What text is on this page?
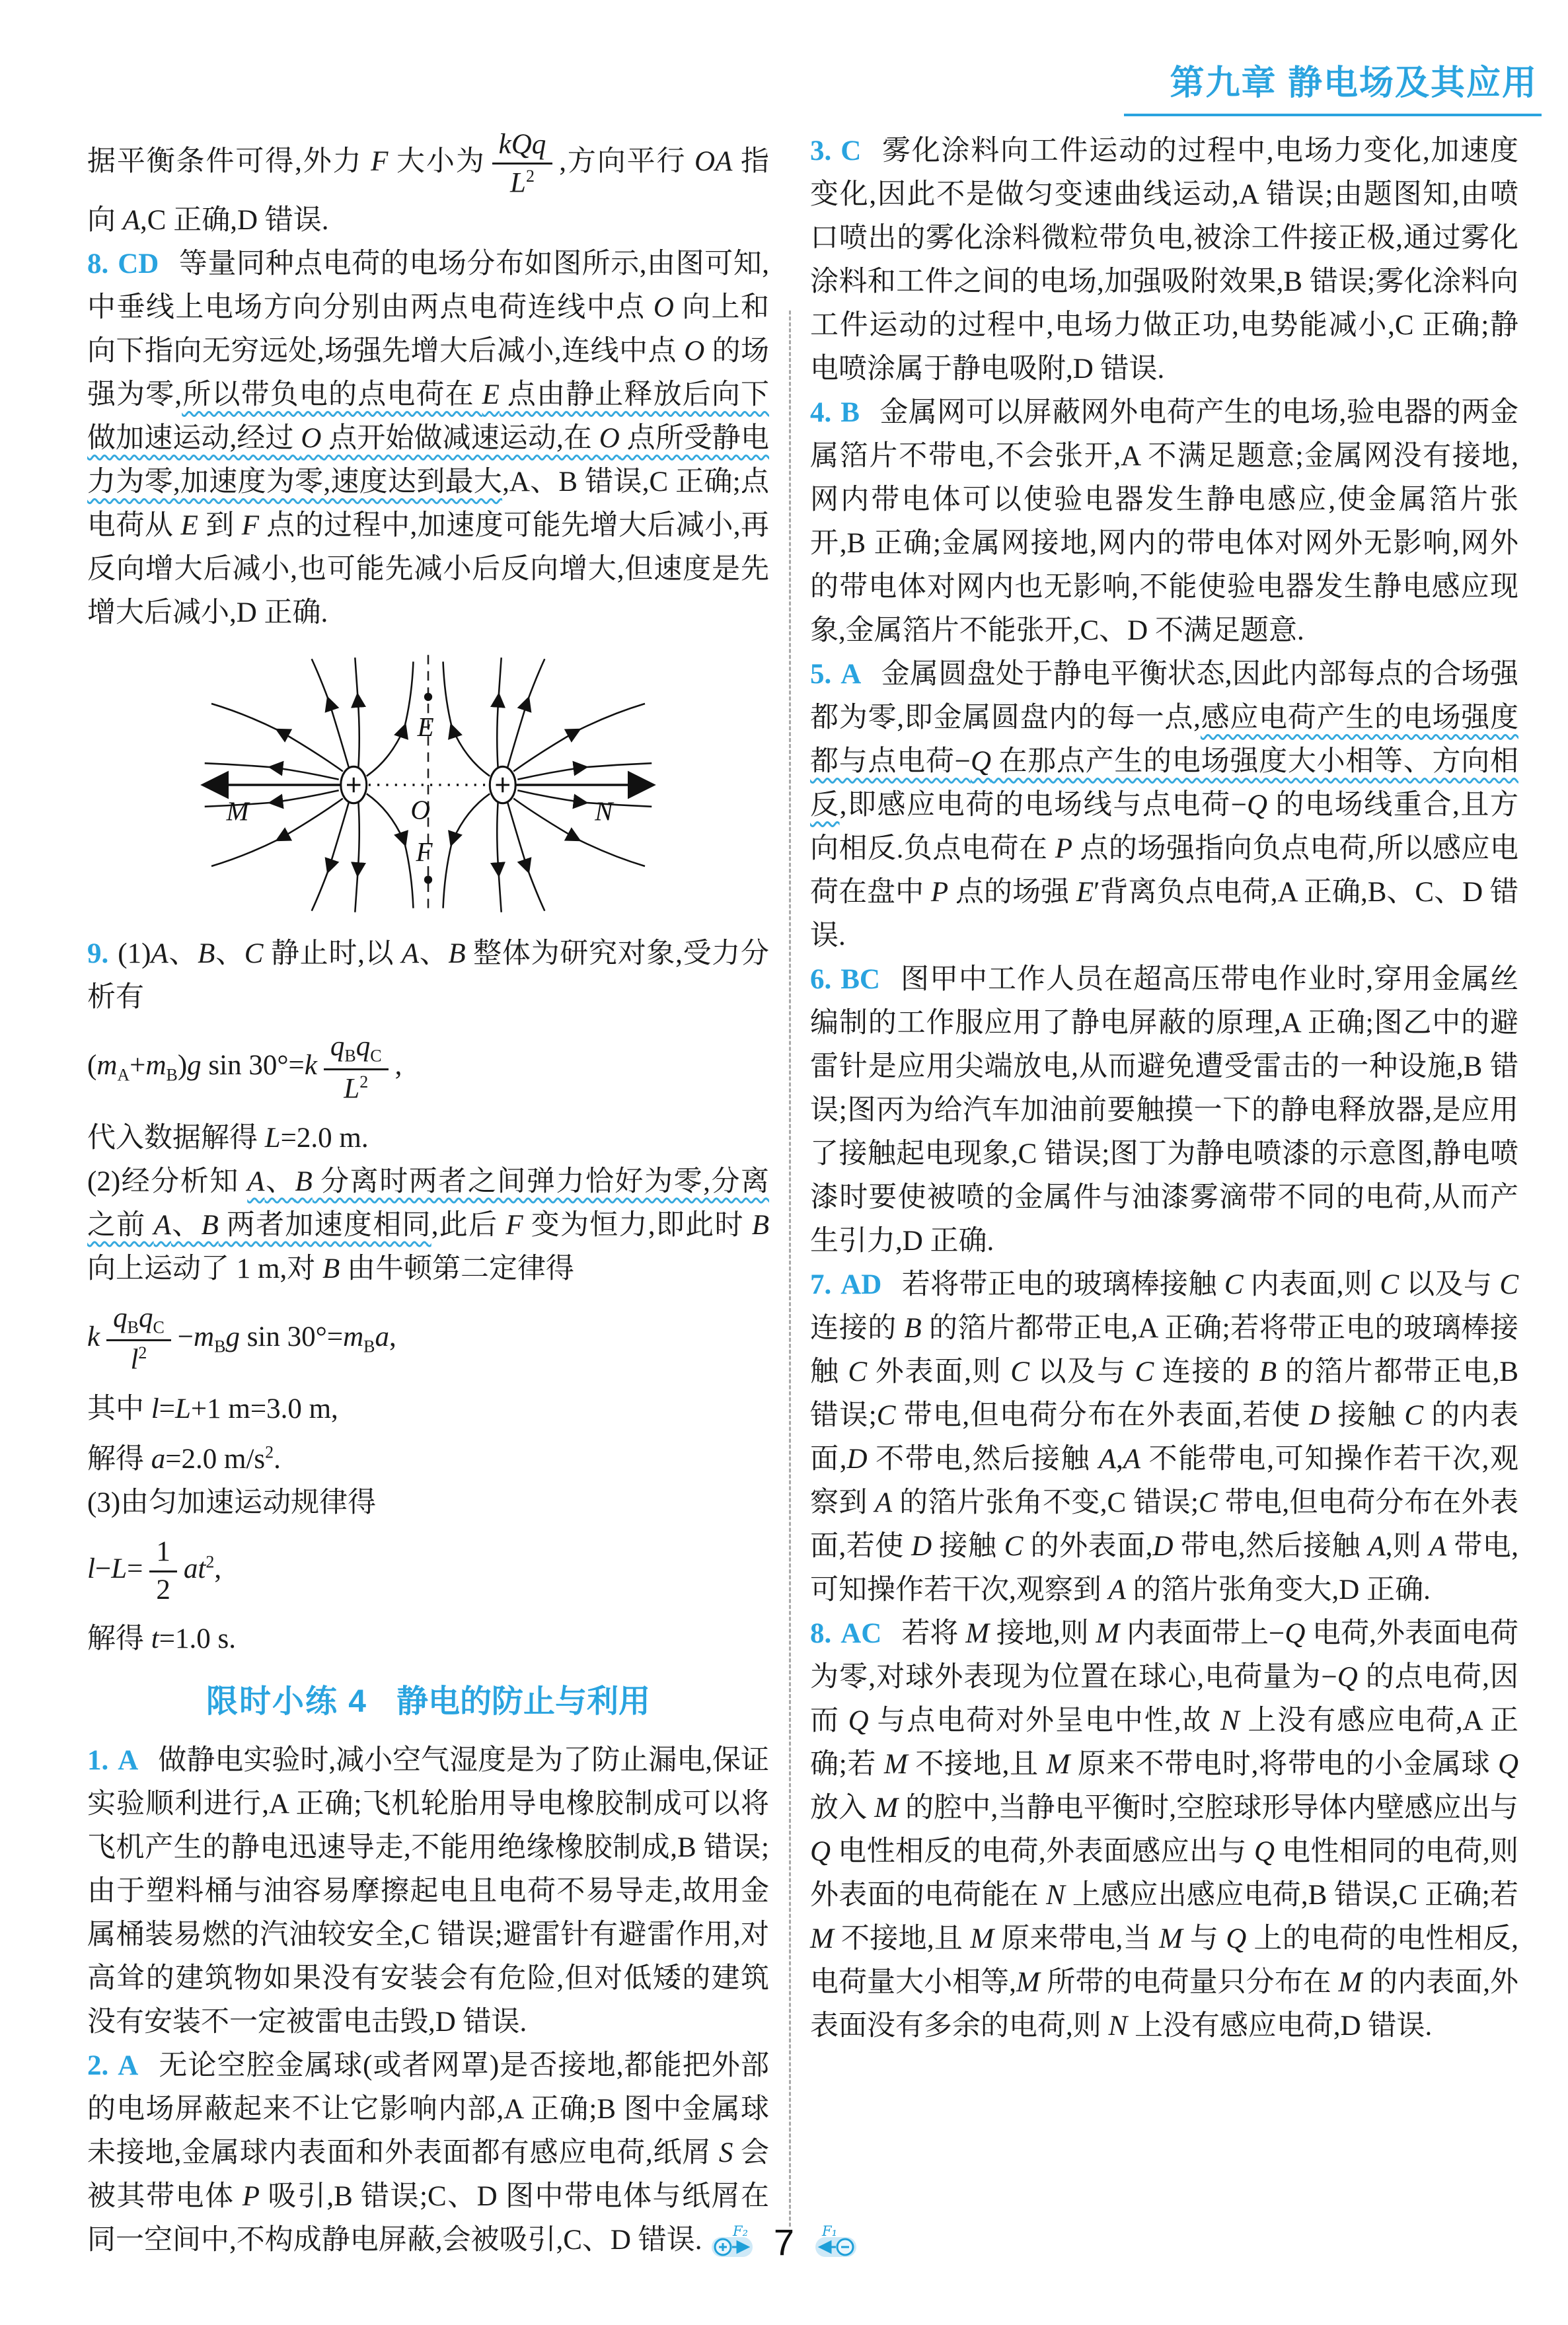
第九章 静电场及其应用

据平衡条件可得,外力 F 大小为 $\frac{\text{kQq}}{L^2}$ ,方向平行 OA 指向 A,C 正确,D 错误.

8. CD 等量同种点电荷的电场分布如图所示,由图可知,中垂线上电场方向分别由两点电荷连线中点 O 向上和向下指向无穷远处,场强先增大后减小,连线中点 O 的场强为零,所以带负电的点电荷在 E 点由静止释放后向下做加速运动,经过 O 点开始做减速运动,在 O 点所受静电力为零,加速度为零,速度达到最大,A、B 错误,C 正确;点电荷从 E 到 F 点的过程中,加速度可能先增大后减小,再反向增大后减小,也可能先减小后反向增大,但速度是先增大后减小,D 正确.

E
O
F
M	N

9. (1)A、B、C 静止时,以 A、B 整体为研究对象,受力分析有
$(m_A+m_B)g$ $\sin 30^\circ=k \frac{q_Bq_C}{L^2}$ ,
代入数据解得 L=2.0 m.
(2)经分析知 A、B 分离时两者之间弹力恰好为零,分离之前 A、B 两者加速度相同,此后 F 变为恒力,即此时 B 向上运动了 1 m,对 B 由牛顿第二定律得
k $\frac{q_Bq_C}{l^2} -m_Bg$ $\sin 30^\circ=m_Ba$,
其中 l=L+1 m=3.0 m,
解得 a=2.0 $m/s^2$.
(3)由匀加速运动规律得
$l-L= \frac{1}{2} at^2$,
解得 t=1.0 s.

限时小练 4 静电的防止与利用

1. A 做静电实验时,减小空气湿度是为了防止漏电,保证实验顺利进行,A 正确;飞机轮胎用导电橡胶制成可以将飞机产生的静电迅速导走,不能用绝缘橡胶制成,B 错误;由于塑料桶与油容易摩擦起电且电荷不易导走,故用金属桶装易燃的汽油较安全,C 错误;避雷针有避雷作用,对高耸的建筑物如果没有安装会有危险,但对低矮的建筑没有安装不一定被雷电击毁,D 错误.

2. A 无论空腔金属球(或者网罩)是否接地,都能把外部的电场屏蔽起来不让它影响内部,A 正确;B 图中金属球未接地,金属球内表面和外表面都有感应电荷,纸屑 S 会被其带电体 P 吸引,B 错误;C、D 图中带电体与纸屑在同一空间中,不构成静电屏蔽,会被吸引,C、D 错误.

3. C 雾化涂料向工件运动的过程中,电场力变化,加速度变化,因此不是做匀变速曲线运动,A 错误;由题图知,由喷口喷出的雾化涂料微粒带负电,被涂工件接正极,通过雾化涂料和工件之间的电场,加强吸附效果,B 错误;雾化涂料向工件运动的过程中,电场力做正功,电势能减小,C 正确;静电喷涂属于静电吸附,D 错误.

4. B 金属网可以屏蔽网外电荷产生的电场,验电器的两金属箔片不带电,不会张开,A 不满足题意;金属网没有接地,网内带电体可以使验电器发生静电感应,使金属箔片张开,B 正确;金属网接地,网内的带电体对网外无影响,网外的带电体对网内也无影响,不能使验电器发生静电感应现象,金属箔片不能张开,C、D 不满足题意.

5. A 金属圆盘处于静电平衡状态,因此内部每点的合场强都为零,即金属圆盘内的每一点,感应电荷产生的电场强度都与点电荷−Q 在那点产生的电场强度大小相等、方向相反,即感应电荷的电场线与点电荷−Q 的电场线重合,且方向相反.负点电荷在 P 点的场强指向负点电荷,所以感应电荷在盘中 P 点的场强 E′背离负点电荷,A 正确,B、C、D 错误.

6. BC 图甲中工作人员在超高压带电作业时,穿用金属丝编制的工作服应用了静电屏蔽的原理,A 正确;图乙中的避雷针是应用尖端放电,从而避免遭受雷击的一种设施,B 错误;图丙为给汽车加油前要触摸一下的静电释放器,是应用了接触起电现象,C 错误;图丁为静电喷漆的示意图,静电喷漆时要使被喷的金属件与油漆雾滴带不同的电荷,从而产生引力,D 正确.

7. AD 若将带正电的玻璃棒接触 C 内表面,则 C 以及与 C 连接的 B 的箔片都带正电,A 正确;若将带正电的玻璃棒接触 C 外表面,则 C 以及与 C 连接的 B 的箔片都带正电,B 错误;C 带电,但电荷分布在外表面,若使 D 接触 C 的内表面,D 不带电,然后接触 A,A 不能带电,可知操作若干次,观察到 A 的箔片张角不变,C 错误;C 带电,但电荷分布在外表面,若使 D 接触 C 的外表面,D 带电,然后接触 A,则 A 带电,可知操作若干次,观察到 A 的箔片张角变大,D 正确.

8. AC 若将 M 接地,则 M 内表面带上−Q 电荷,外表面电荷为零,对球外表现为位置在球心,电荷量为−Q 的点电荷,因而 Q 与点电荷对外呈电中性,故 N 上没有感应电荷,A 正确;若 M 不接地,且 M 原来不带电时,将带电的小金属球 Q 放入 M 的腔中,当静电平衡时,空腔球形导体内壁感应出与 Q 电性相反的电荷,外表面感应出与 Q 电性相同的电荷,则外表面的电荷能在 N 上感应出感应电荷,B 错误,C 正确;若 M 不接地,且 M 原来带电,当 M 与 Q 上的电荷的电性相反,电荷量大小相等,M 所带的电荷量只分布在 M 的内表面,外表面没有多余的电荷,则 N 上没有感应电荷,D 错误.

F₂ 7 F₁
